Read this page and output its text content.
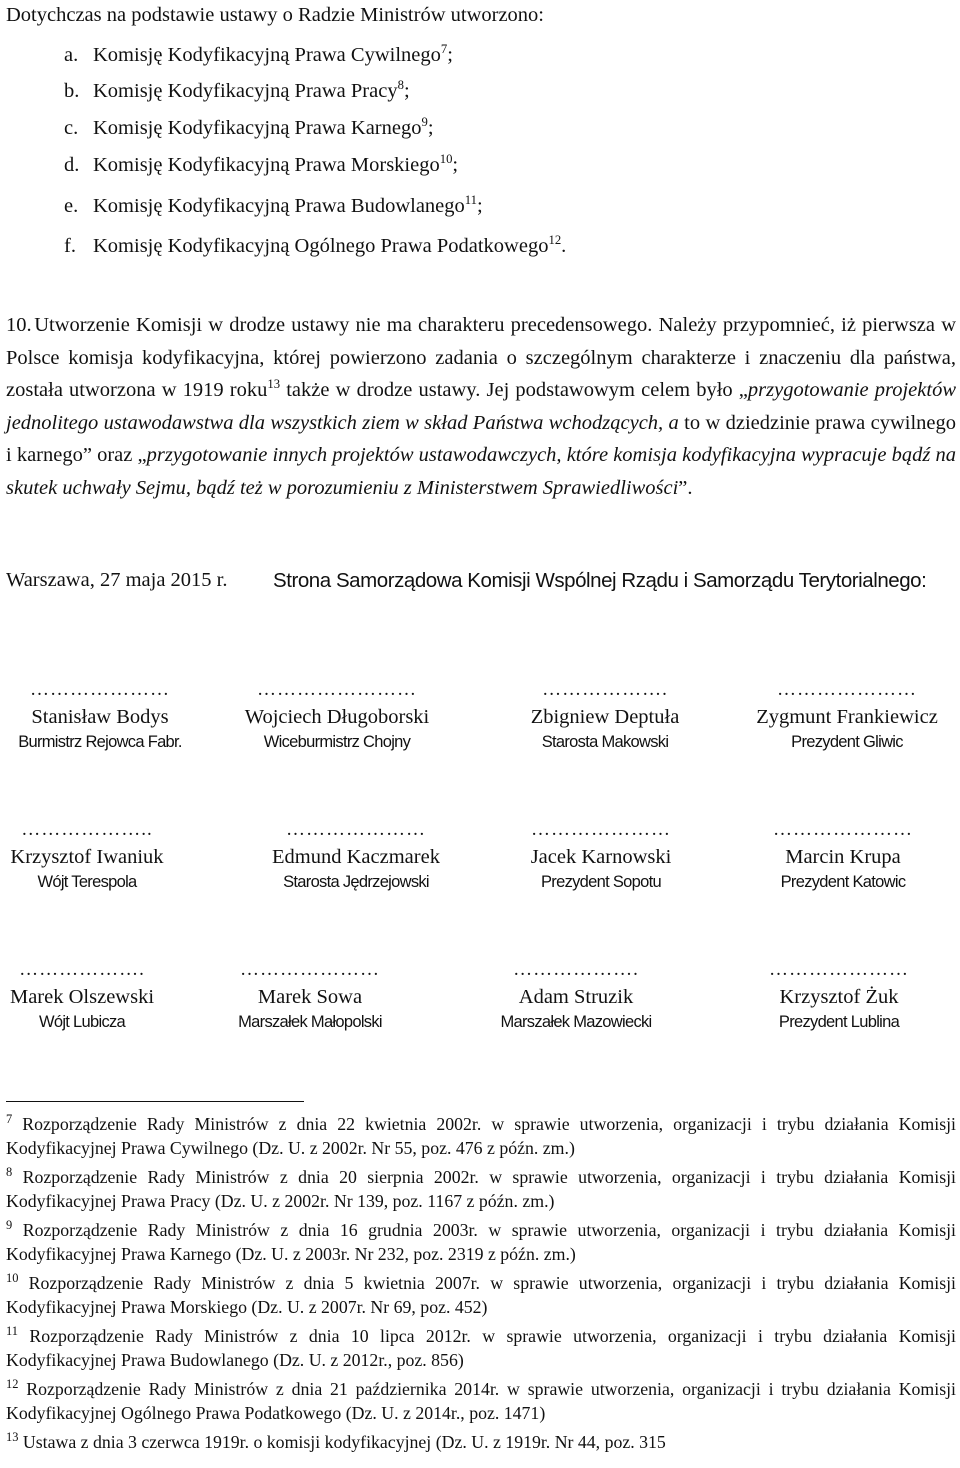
Dotychczas na podstawie ustawy o Radzie Ministrów utworzono:
a. Komisję Kodyfikacyjną Prawa Cywilnego$^7$;
b. Komisję Kodyfikacyjną Prawa Pracy$^8$;
c. Komisję Kodyfikacyjną Prawa Karnego$^9$;
d. Komisję Kodyfikacyjną Prawa Morskiego$^{10}$;
e. Komisję Kodyfikacyjną Prawa Budowlanego$^{11}$;
f. Komisję Kodyfikacyjną Ogólnego Prawa Podatkowego$^{12}$.
10. Utworzenie Komisji w drodze ustawy nie ma charakteru precedensowego. Należy przypomnieć, iż pierwsza w Polsce komisja kodyfikacyjna, której powierzono zadania o szczególnym charakterze i znaczeniu dla państwa, została utworzona w 1919 roku$^{13}$ także w drodze ustawy. Jej podstawowym celem było „przygotowanie projektów jednolitego ustawodawstwa dla wszystkich ziem w skład Państwa wchodzących, a to w dziedzinie prawa cywilnego i karnego” oraz „przygotowanie innych projektów ustawodawczych, które komisja kodyfikacyjna wypracuje bądź na skutek uchwały Sejmu, bądź też w porozumieniu z Ministerstwem Sprawiedliwości”.
Warszawa, 27 maja 2015 r. Strona Samorządowa Komisji Wspólnej Rządu i Samorządu Terytorialnego:
…………………
Stanisław Bodys
Burmistrz Rejowca Fabr.
……………………
Wojciech Długoborski
Wiceburmistrz Chojny
……………….
Zbigniew Deptuła
Starosta Makowski
…………………
Zygmunt Frankiewicz
Prezydent Gliwic
………………..
Krzysztof Iwaniuk
Wójt Terespola
…………………
Edmund Kaczmarek
Starosta Jędrzejowski
…………………
Jacek Karnowski
Prezydent Sopotu
…………………
Marcin Krupa
Prezydent Katowic
……………….
Marek Olszewski
Wójt Lubicza
…………………
Marek Sowa
Marszałek Małopolski
……………….
Adam Struzik
Marszałek Mazowiecki
…………………
Krzysztof Żuk
Prezydent Lublina
$^7$ Rozporządzenie Rady Ministrów z dnia 22 kwietnia 2002r. w sprawie utworzenia, organizacji i trybu działania Komisji Kodyfikacyjnej Prawa Cywilnego (Dz. U. z 2002r. Nr 55, poz. 476 z późn. zm.)
$^8$ Rozporządzenie Rady Ministrów z dnia 20 sierpnia 2002r. w sprawie utworzenia, organizacji i trybu działania Komisji Kodyfikacyjnej Prawa Pracy (Dz. U. z 2002r. Nr 139, poz. 1167 z późn. zm.)
$^9$ Rozporządzenie Rady Ministrów z dnia 16 grudnia 2003r. w sprawie utworzenia, organizacji i trybu działania Komisji Kodyfikacyjnej Prawa Karnego (Dz. U. z 2003r. Nr 232, poz. 2319 z późn. zm.)
$^{10}$ Rozporządzenie Rady Ministrów z dnia 5 kwietnia 2007r. w sprawie utworzenia, organizacji i trybu działania Komisji Kodyfikacyjnej Prawa Morskiego (Dz. U. z 2007r. Nr 69, poz. 452)
$^{11}$ Rozporządzenie Rady Ministrów z dnia 10 lipca 2012r. w sprawie utworzenia, organizacji i trybu działania Komisji Kodyfikacyjnej Prawa Budowlanego (Dz. U. z 2012r., poz. 856)
$^{12}$ Rozporządzenie Rady Ministrów z dnia 21 października 2014r. w sprawie utworzenia, organizacji i trybu działania Komisji Kodyfikacyjnej Ogólnego Prawa Podatkowego (Dz. U. z 2014r., poz. 1471)
$^{13}$ Ustawa z dnia 3 czerwca 1919r. o komisji kodyfikacyjnej (Dz. U. z 1919r. Nr 44, poz. 315
